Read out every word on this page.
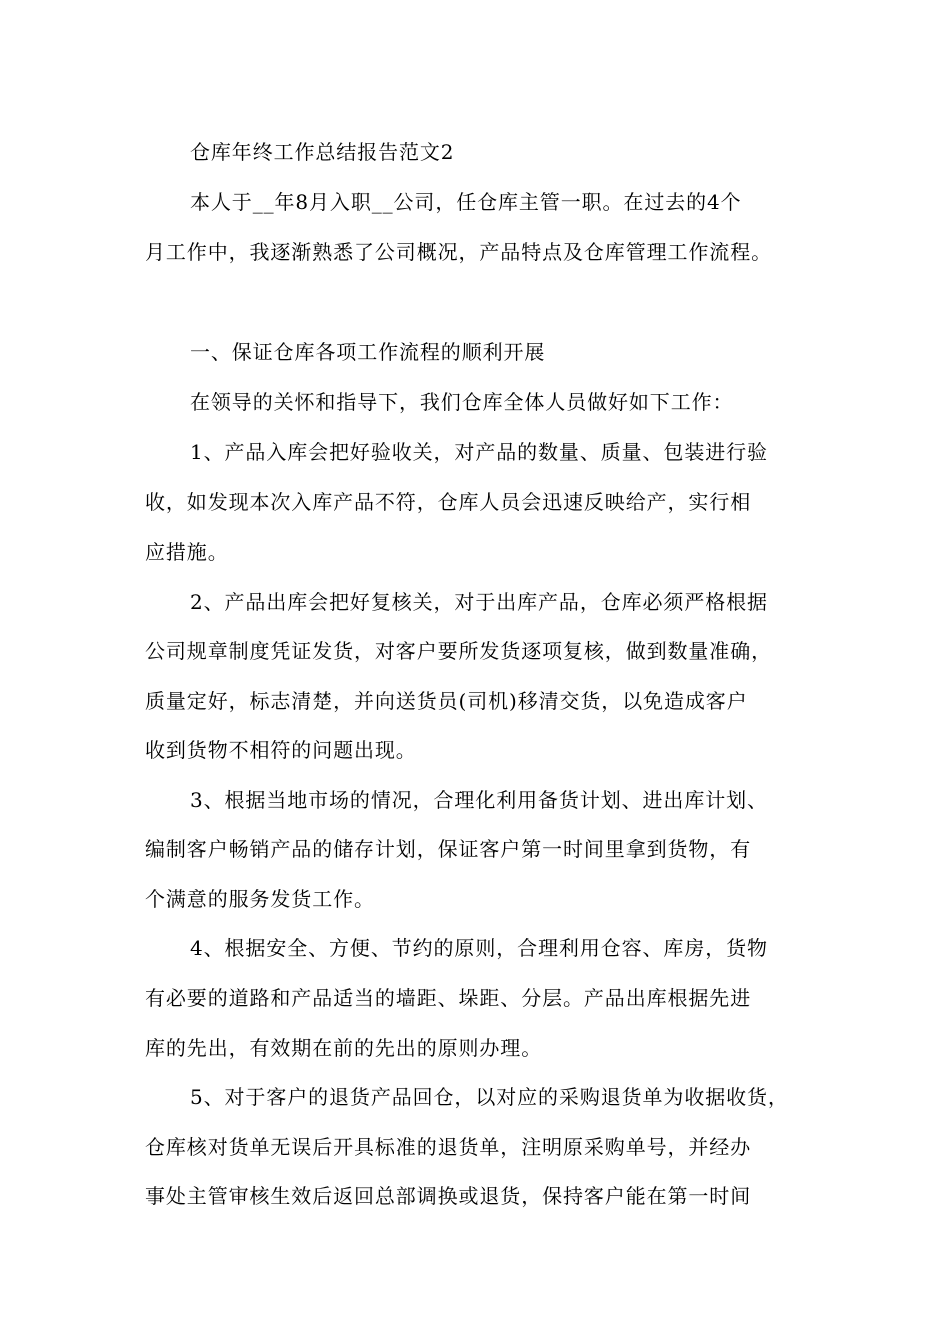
仓库年终工作总结报告范文2

本人于__年8月入职__公司，任仓库主管一职。在过去的4个

月工作中，我逐渐熟悉了公司概况，产品特点及仓库管理工作流程。

一、保证仓库各项工作流程的顺利开展

在领导的关怀和指导下，我们仓库全体人员做好如下工作：

1、产品入库会把好验收关，对产品的数量、质量、包装进行验

收，如发现本次入库产品不符，仓库人员会迅速反映给产，实行相

应措施。

2、产品出库会把好复核关，对于出库产品，仓库必须严格根据

公司规章制度凭证发货，对客户要所发货逐项复核，做到数量准确，

质量定好，标志清楚，并向送货员(司机)移清交货，以免造成客户

收到货物不相符的问题出现。

3、根据当地市场的情况，合理化利用备货计划、进出库计划、

编制客户畅销产品的储存计划，保证客户第一时间里拿到货物，有

个满意的服务发货工作。

4、根据安全、方便、节约的原则，合理利用仓容、库房，货物

有必要的道路和产品适当的墙距、垛距、分层。产品出库根据先进

库的先出，有效期在前的先出的原则办理。

5、对于客户的退货产品回仓，以对应的采购退货单为收据收货，

仓库核对货单无误后开具标准的退货单，注明原采购单号，并经办

事处主管审核生效后返回总部调换或退货，保持客户能在第一时间
